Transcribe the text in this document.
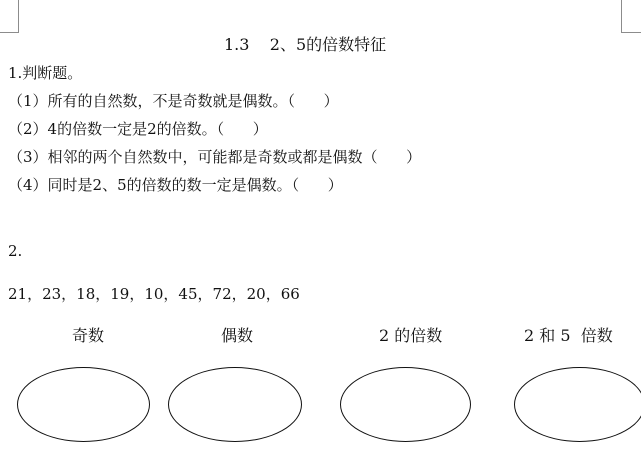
1.3    2、5的倍数特征
1.判断题。
（1）所有的自然数，不是奇数就是偶数。（      ）
（2）4的倍数一定是2的倍数。（      ）
（3）相邻的两个自然数中，可能都是奇数或都是偶数（      ）
（4）同时是2、5的倍数的数一定是偶数。（      ）
2.
21，23，18，19，10，45，72，20，66
奇数	偶数	2 的倍数	2 和 5  倍数
